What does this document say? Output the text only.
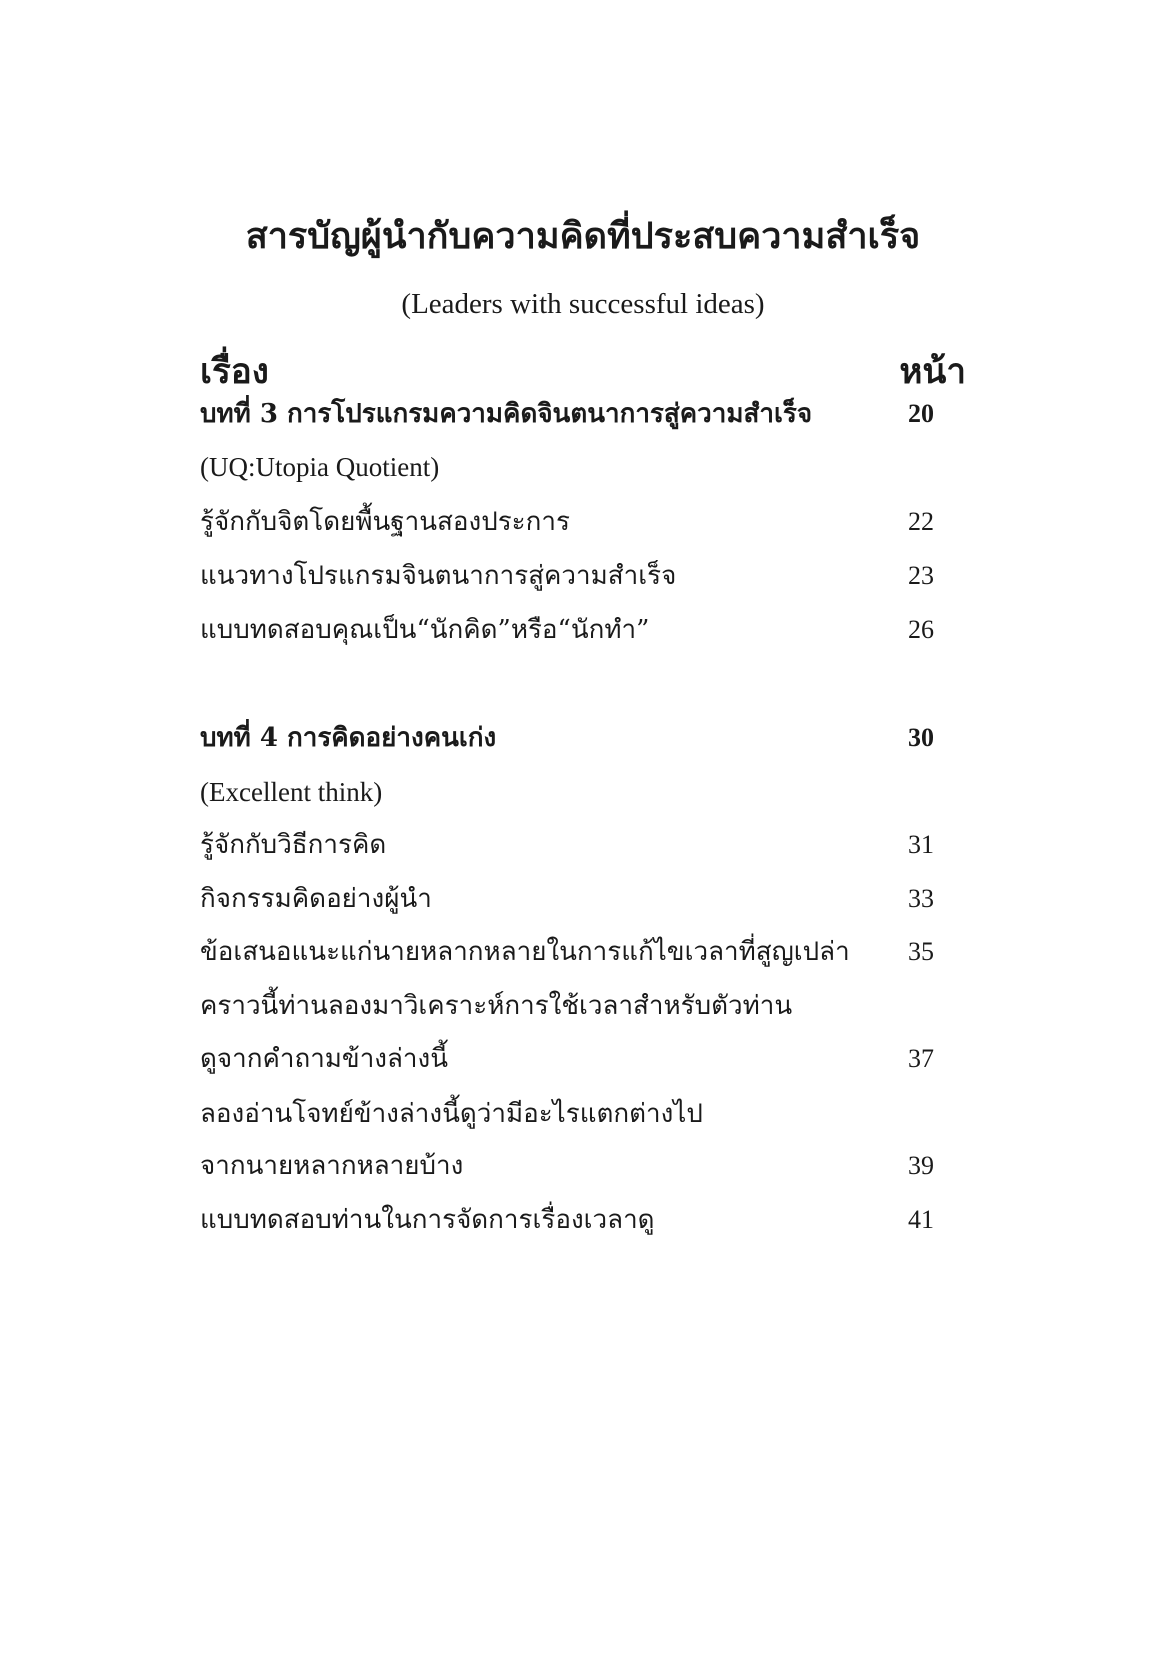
สารบัญผู้นำกับความคิดที่ประสบความสำเร็จ
(Leaders with successful ideas)
เรื่อง	หน้า
บทที่ 3 การโปรแกรมความคิดจินตนาการสู่ความสำเร็จ	20
(UQ:Utopia Quotient)
รู้จักกับจิตโดยพื้นฐานสองประการ	22
แนวทางโปรแกรมจินตนาการสู่ความสำเร็จ	23
แบบทดสอบคุณเป็น“นักคิด”หรือ“นักทำ”	26
บทที่ 4 การคิดอย่างคนเก่ง	30
(Excellent think)
รู้จักกับวิธีการคิด	31
กิจกรรมคิดอย่างผู้นำ	33
ข้อเสนอแนะแก่นายหลากหลายในการแก้ไขเวลาที่สูญเปล่า	35
คราวนี้ท่านลองมาวิเคราะห์การใช้เวลาสำหรับตัวท่าน
ดูจากคำถามข้างล่างนี้	37
ลองอ่านโจทย์ข้างล่างนี้ดูว่ามีอะไรแตกต่างไป
จากนายหลากหลายบ้าง	39
แบบทดสอบท่านในการจัดการเรื่องเวลาดู	41
